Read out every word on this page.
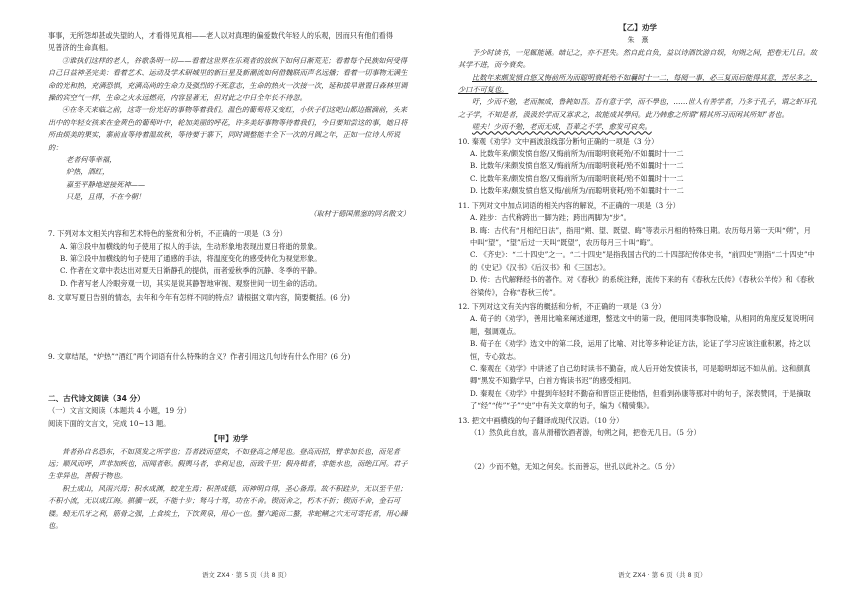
事事，无所怨却甚或失望的人，才看得见真相——老人以对真理的偏爱数代年轻人的乐观，因而只有他们看得

见普济的生命真相。

③谁执们这样的老人，谷歌条明一切——看着这世界在乐观者的放纵下如何日渐荒芜；看着每个民族如何受得自己日益神圣完美：看着艺术、运动及学术研城里的新巨星及新潮流如何借魏联而声名远播；看着一切事物无满生命的光和热，充满恐惧，充满高尚的生命力及强烈的不死意志，生命的热火一次接一次，延和拔旱谐置日森林里调操的宾空气一样，生命之火永远燃亮，内容显著无，但对此之中日全年长不待忽。

④在冬天来临之前，这寄一份光好的事物等着我们。温色的葡萄将又变红，小伙子们这吧山都边掘滴前，头来出中的年轻女孩来在金黄色的葡萄叶中，轮加美丽的呼花，许多美好事物等待着我们，今日要知尝这的事，她日将所由烦美的果实，寨前直等待着温故秋，等待要于寨下，同时调整能丰全下一次的月圆之年，正如一位诗人所说的：

老者何等幸福，

炉热，酒红，

嘉至平静地逆接死神——

只是，且得，不在今朝！

（取材于德国黑塞的同名散文）

7. 下列对本文相关内容和艺术特色的鉴赏和分析，不正确的一项是（3 分）

A. 第③段中加横线的句子使用了拟人的手法，生动形象地表现出夏日将逝的景象。

B. 第②段中加横线的句子使用了通感的手法，将温度变化的感受转化为视觉形象。

C. 作者在文章中表达出对夏天日渐静孔的提供，而者爱秋季的沉静、冬季的平静。

D. 作者写老人冷眼旁观一切，其实是说其静智地审视、观察世间一切生命的活动。

8. 文章写夏日告别的情态，去年和今年有怎样不同的特点？请根据文章内容，简要概括。(6 分)

9. 文章结尾，“炉热”“酒红”两个词语有什么特殊的含义？作者引用这几句诗有什么作用？(6 分)

二、古代诗文阅读（34 分）

（一）文言文阅读（本题共 4 小题，19 分）

阅读下面的文言文，完成 10~13 题。

【甲】劝学

昔者孙自名恐东，不如顶发之所学也；吾者跂而望矣，不如登高之博见也。登高而招，臂非加长也，而见者远；顺风而呼，声非加疾也，而闻者彰。假舆马者，非利足也，而致千里；假舟楫者，非能水也，而绝江河。君子生非异也，善假于物也。

积土成山，风雨兴焉；积水成渊，蛟龙生焉；积善成德，而神明自得，圣心备焉。故不积跬步，无以至千里；不积小流，无以成江海。骐骥一跃，不能十步；驽马十驾，功在不舍。锲而舍之，朽木不折；锲而不舍，金石可镂。蚓无爪牙之利，筋骨之强，上食埃土，下饮黄泉，用心一也。蟹六跪而二螯，非蛇鳝之穴无可寄托者，用心躁也。

语文 ZX4 · 第 5 页（共 8 页）

【乙】劝学

朱　熹

予少时读书，一见辄能诵。暗记之，亦不甚失。然自此自负，益以诗酒饮游自娱，旬朔之间，把卷无几日。故其学不进，而今衰矣。

比数年来颇发愤自悠又悔前所为而聪明衰耗殆不如曩时十一二，每阅一事，必三复而后能得其意，苦尽多之，少口不可复也。

吁，少而不勉，老而無成，鲁鈍如吾。吾有意于学，而不學也，……世人有善学者，乃多于孔子，谓之虾耳孔之子学，不知是者，汲汲於学而又寡求之，故能成其學问。此乃韩愈之所谓“精其所习而闲其所知”者也。

嗟夫！少而不勉，老而无成，吾辈之不学，愈发可哀矣。

10. 秦观《劝学》文中画波浪线部分断句正确的一项是（3 分）

A. 比数年来/颇发愤自悠/又悔前所为/而聪明衰耗殆/不如曩时十一二

B. 比数年/来颇发愤自悠又/悔前所为/而聪明衰耗/殆不如曩时十一二

C. 比数年来/颇发愤自悠/又悔前所为/而聪明衰耗/殆不如曩时十一二

D. 比数年来/颇发愤自悠又悔/前所为/而聪明衰耗/殆不如曩时十一二

11. 下列对文中加点词语的相关内容的解说，不正确的一项是（3 分）

A. 跬步：古代称跨出一脚为跬；跨出两脚为“步”。

B. 晦：古代有“月相纪日法”，指用“朔、望、既望、晦”等表示月相的特殊日期。农历每月第一天叫“朔”，月中叫“望”，“望”后过一天叫“既望”，农历每月三十叫“晦”。

C. 《齐史》：“二十四史”之一。“二十四史”是指我国古代的二十四部纪传体史书，“前四史”则指“二十四史”中的《史记》《汉书》《后汉书》和《三国志》。

D. 传：古代解释经书的著作。对《春秋》的系统注释，流传下来的有《春秋左氏传》《春秋公羊传》和《春秋谷梁传》，合称“春秋三传”。

12. 下列对这文有关内容的概括和分析，不正确的一项是（3 分）

A. 荀子的《劝学》，善用比喻来阐述道理，整选文中的第一段，便用同类事物设喻，从相同的角度反复说明问题，强调观点。

B. 荀子在《劝学》选文中的第二段，运用了比喻、对比等多种论证方法，论证了学习应该注重积累，持之以恒，专心致志。

C. 秦观在《劝学》中讲述了自己幼时读书不勤奋，成人后开始发愤读书，可是聪明却远不如从前。这和颜真卿“黑发不知勤学早，白首方悔读书迟”的感受相同。

D. 秦观在《劝学》中提到年轻时不勤奋和晋臣正使他悟，但看到孙康等那对中的句子，深表赞同，于是摘取了“经”“传”“子”“史”中有关文章的句子，编为《精骑集》。

13. 把文中画横线的句子翻译成现代汉语。（10 分）

（1）然负此自放，喜从滑稽饮酒者游，旬朔之间，把卷无几日。（5 分）

（2）少而不勉，无知之何矣。长而善忘，世孔以此补之。（5 分）

语文 ZX4 · 第 6 页（共 8 页）
